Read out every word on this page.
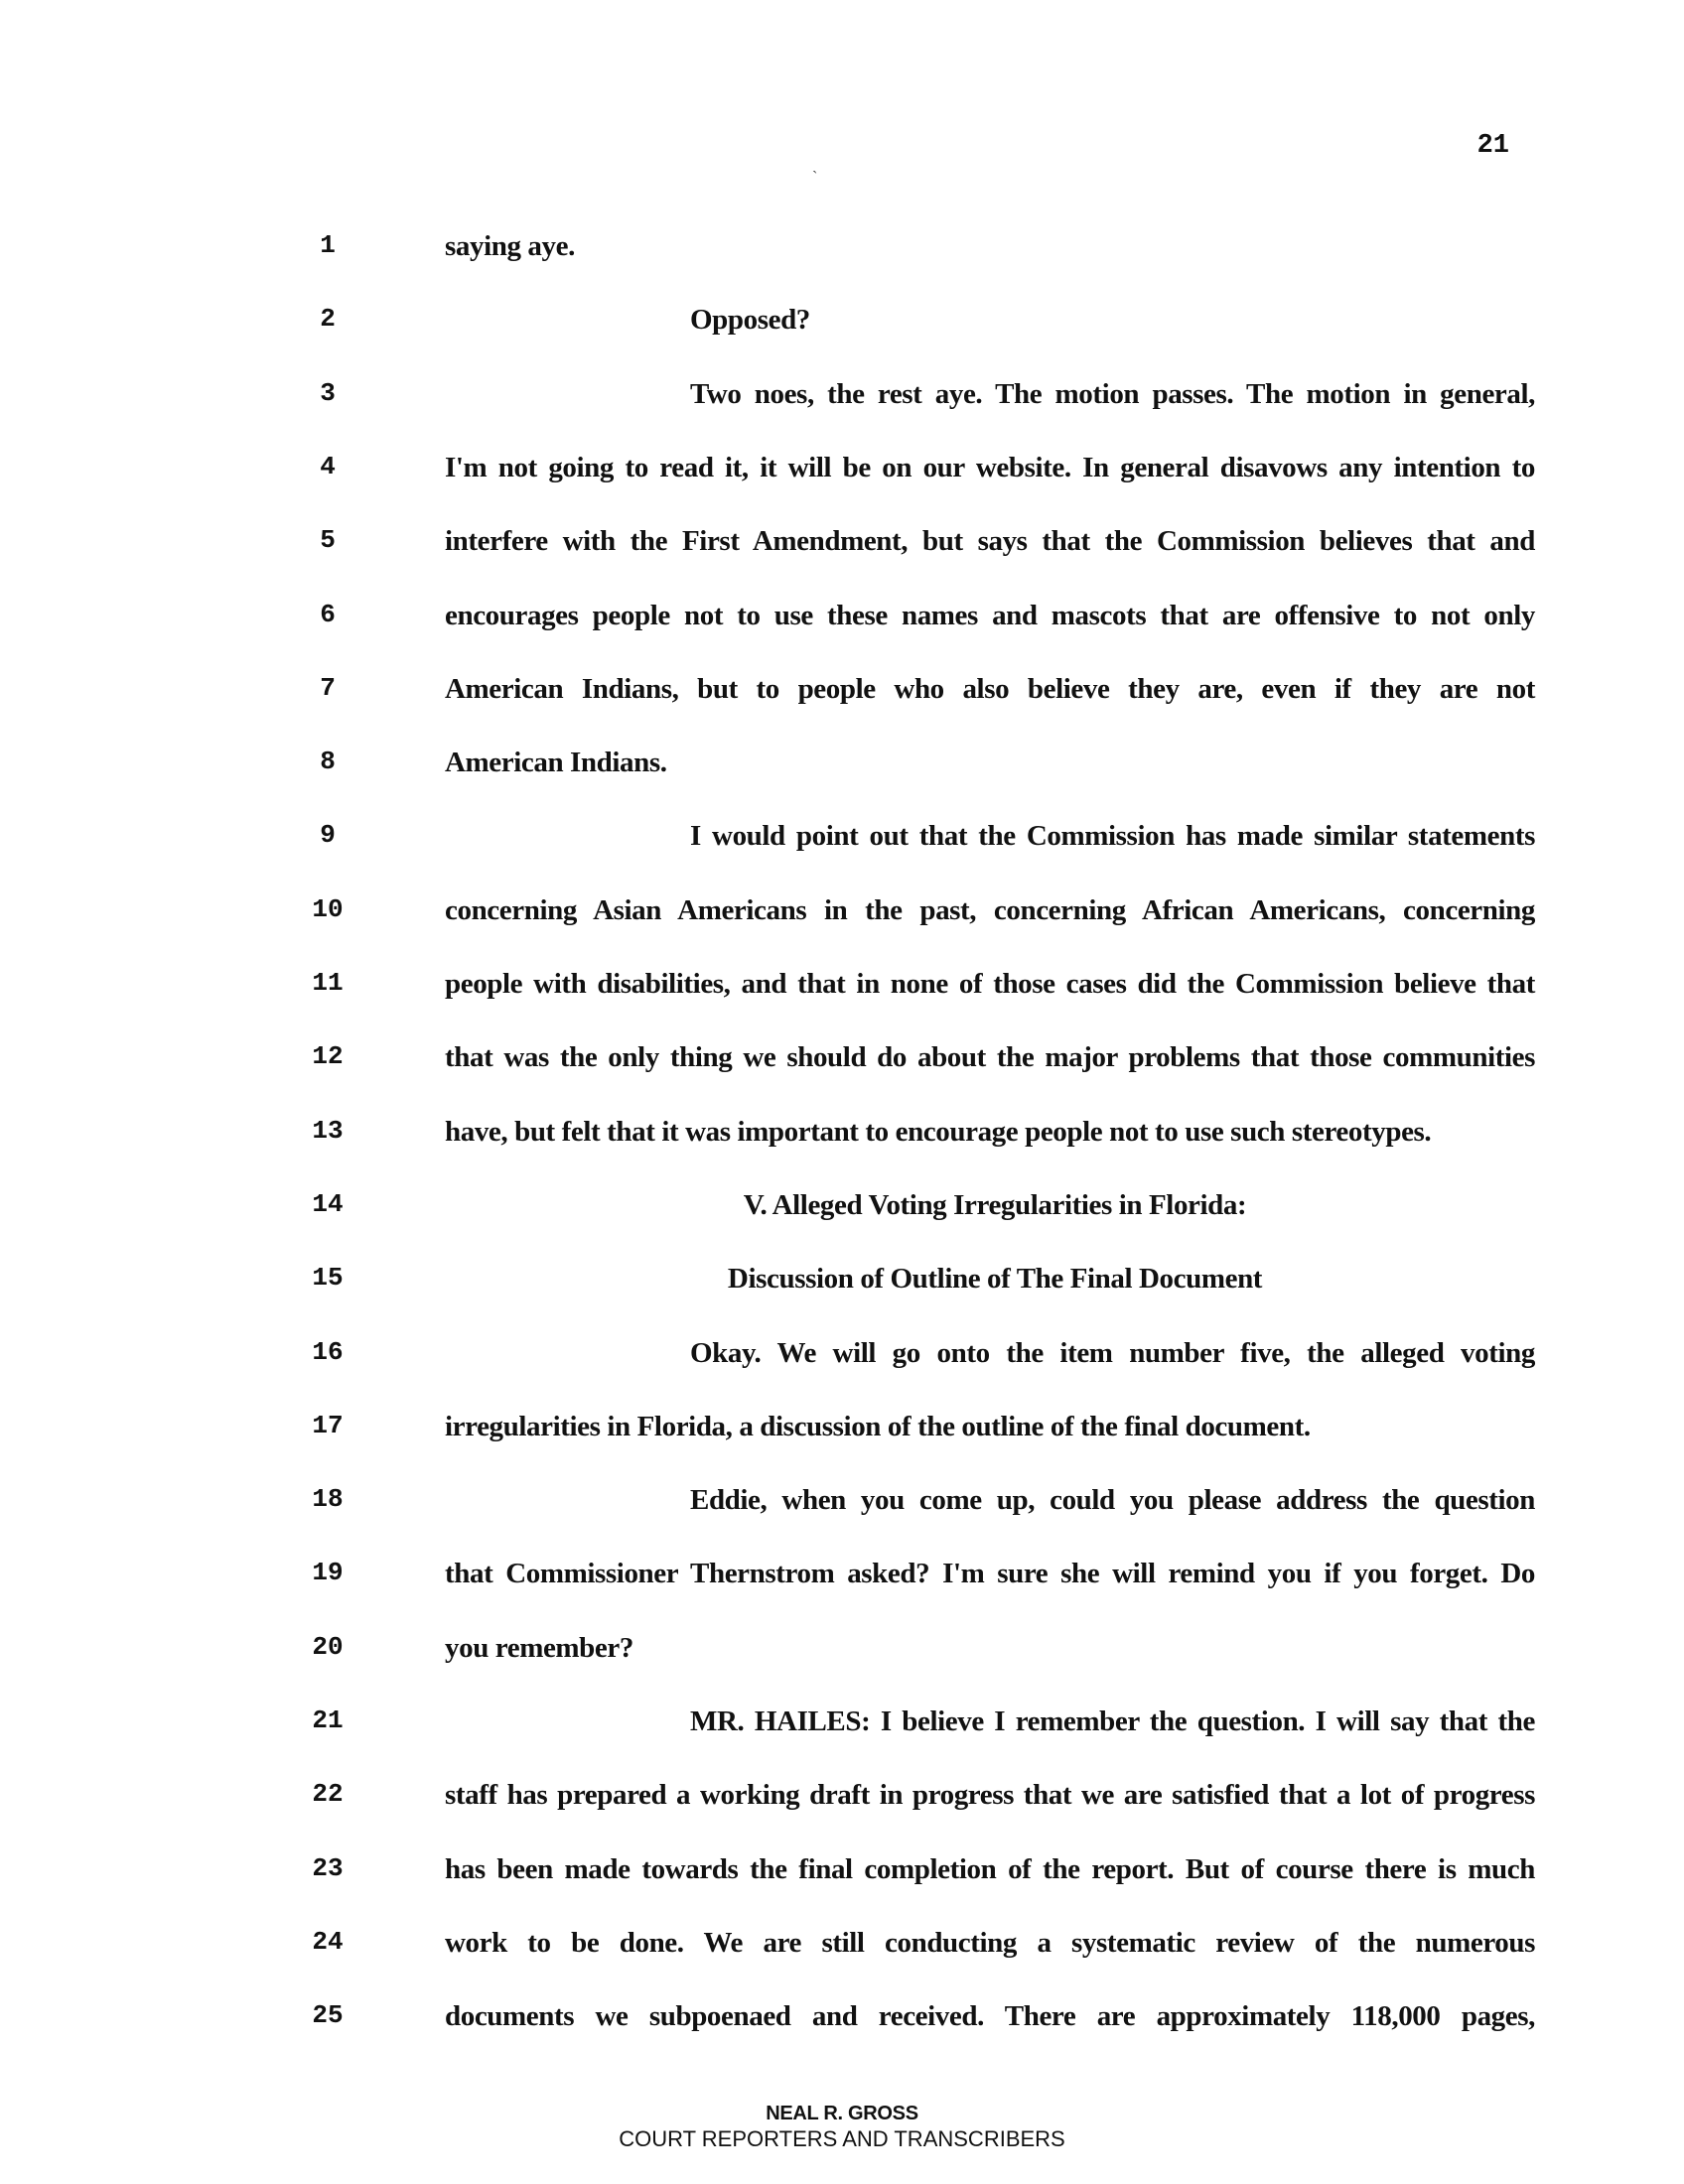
21
ˏ
1	saying aye.
2	Opposed?
3	Two noes, the rest aye. The motion passes. The motion in general,
4	I'm not going to read it, it will be on our website. In general disavows any intention to
5	interfere with the First Amendment, but says that the Commission believes that and
6	encourages people not to use these names and mascots that are offensive to not only
7	American Indians, but to people who also believe they are, even if they are not
8	American Indians.
9	I would point out that the Commission has made similar statements
10	concerning Asian Americans in the past, concerning African Americans, concerning
11	people with disabilities, and that in none of those cases did the Commission believe that
12	that was the only thing we should do about the major problems that those communities
13	have, but felt that it was important to encourage people not to use such stereotypes.
14	V. Alleged Voting Irregularities in Florida:
15	Discussion of Outline of The Final Document
16	Okay. We will go onto the item number five, the alleged voting
17	irregularities in Florida, a discussion of the outline of the final document.
18	Eddie, when you come up, could you please address the question
19	that Commissioner Thernstrom asked? I'm sure she will remind you if you forget. Do
20	you remember?
21	MR. HAILES: I believe I remember the question. I will say that the
22	staff has prepared a working draft in progress that we are satisfied that a lot of progress
23	has been made towards the final completion of the report. But of course there is much
24	work to be done. We are still conducting a systematic review of the numerous
25	documents we subpoenaed and received. There are approximately 118,000 pages,
NEAL R. GROSS
COURT REPORTERS AND TRANSCRIBERS
